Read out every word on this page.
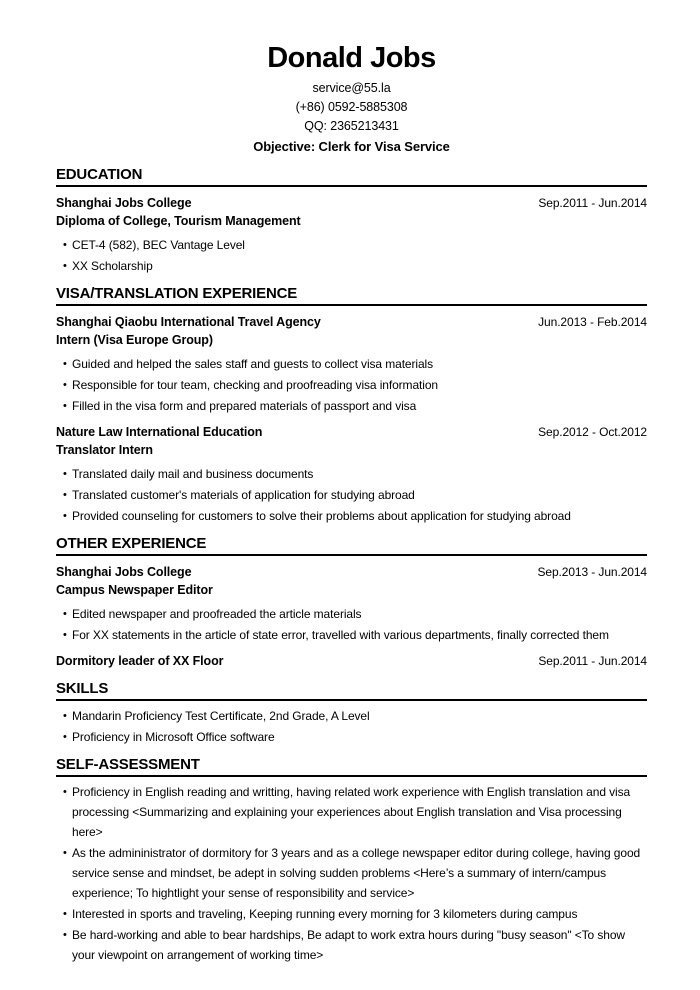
Donald Jobs
service@55.la
(+86) 0592-5885308
QQ: 2365213431
Objective: Clerk for Visa Service
EDUCATION
Shanghai Jobs College
Diploma of College, Tourism Management
Sep.2011 - Jun.2014
• CET-4 (582), BEC Vantage Level
• XX Scholarship
VISA/TRANSLATION EXPERIENCE
Shanghai Qiaobu International Travel Agency
Intern (Visa Europe Group)
Jun.2013 - Feb.2014
• Guided and helped the sales staff and guests to collect visa materials
• Responsible for tour team, checking and proofreading visa information
• Filled in the visa form and prepared materials of passport and visa
Nature Law International Education
Translator Intern
Sep.2012 - Oct.2012
• Translated daily mail and business documents
• Translated customer's materials of application for studying abroad
• Provided counseling for customers to solve their problems about application for studying abroad
OTHER EXPERIENCE
Shanghai Jobs College
Campus Newspaper Editor
Sep.2013 - Jun.2014
• Edited newspaper and proofreaded the article materials
• For XX statements in the article of state error, travelled with various departments, finally corrected them
Dormitory leader of XX Floor	Sep.2011 - Jun.2014
SKILLS
• Mandarin Proficiency Test Certificate, 2nd Grade, A Level
• Proficiency in Microsoft Office software
SELF-ASSESSMENT
• Proficiency in English reading and writting, having related work experience with English translation and visa processing <Summarizing and explaining your experiences about English translation and Visa processing here>
• As the admininistrator of dormitory for 3 years and as a college newspaper editor during college, having good service sense and mindset, be adept in solving sudden problems <Here’s a summary of intern/campus experience; To hightlight your sense of responsibility and service>
• Interested in sports and traveling, Keeping running every morning for 3 kilometers during campus
• Be hard-working and able to bear hardships, Be adapt to work extra hours during "busy season" <To show your viewpoint on arrangement of working time>
